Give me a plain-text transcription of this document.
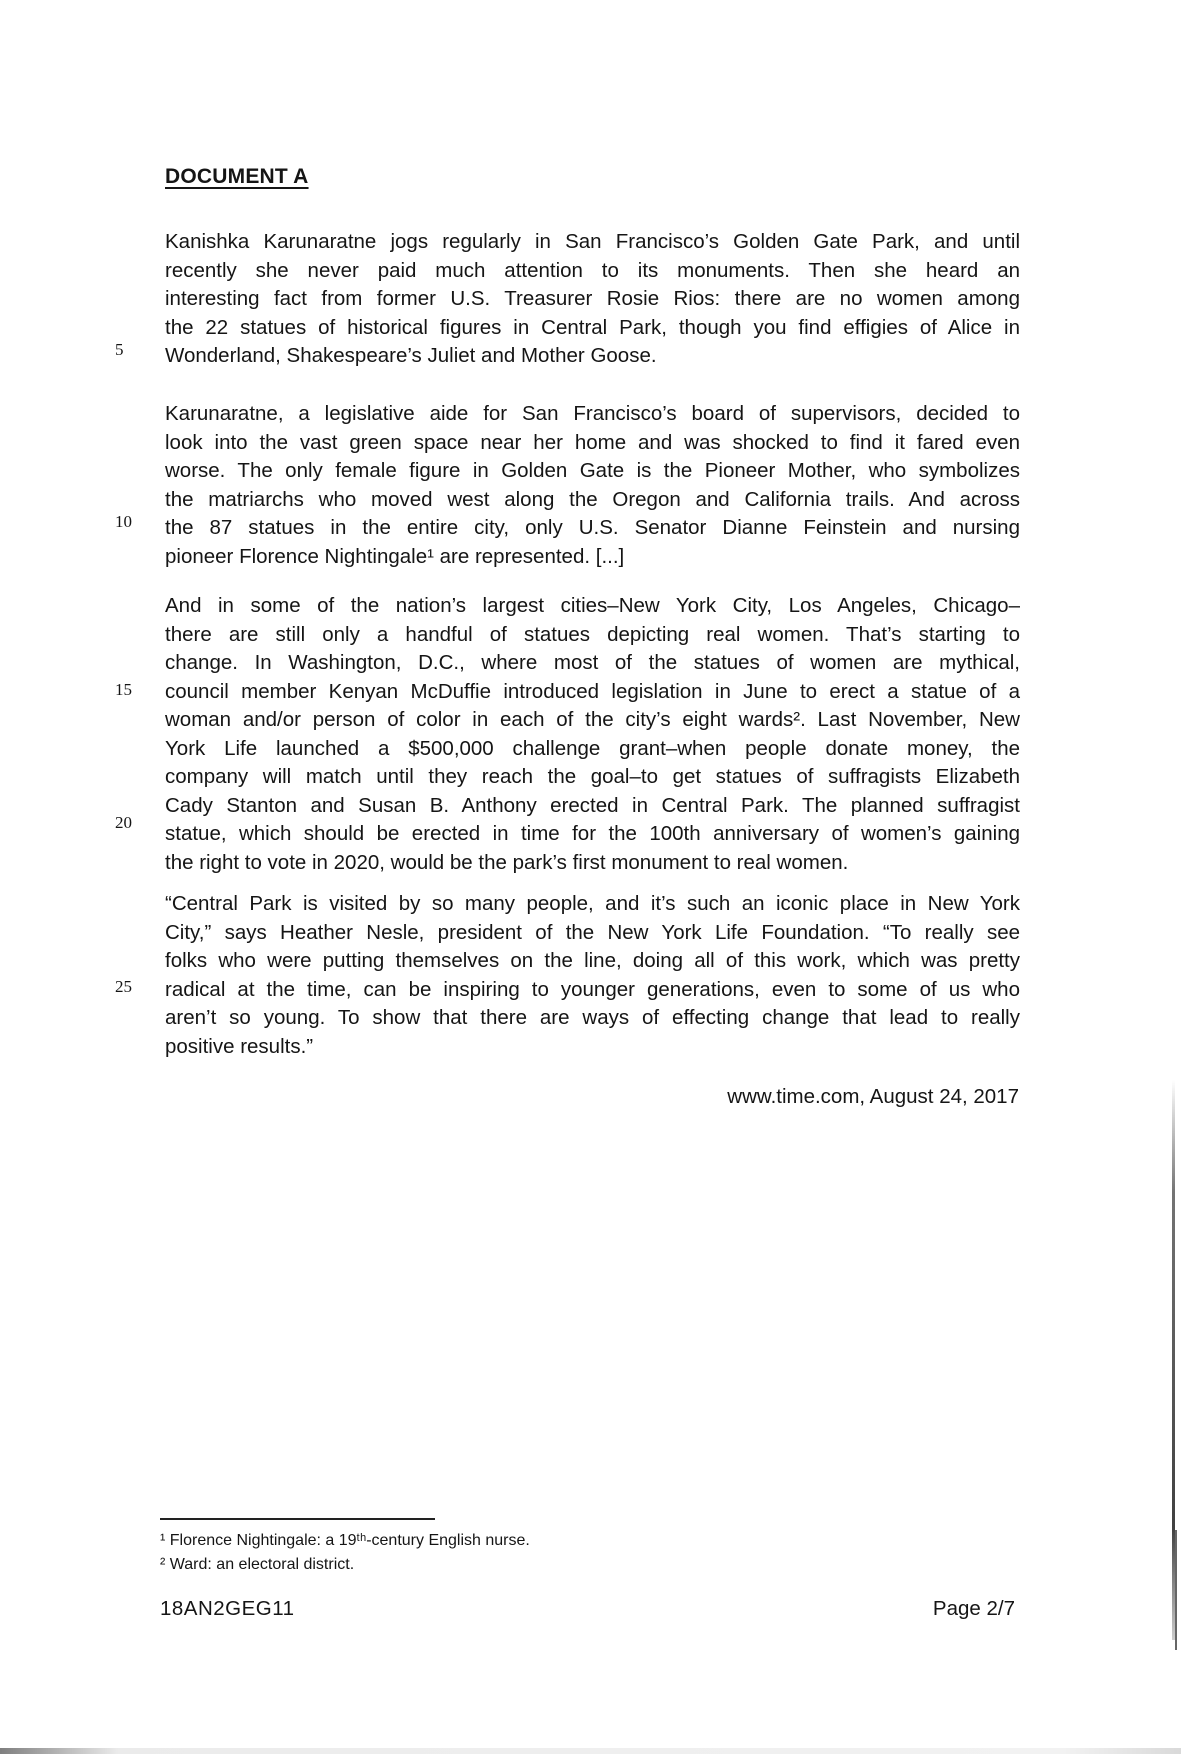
DOCUMENT A
Kanishka Karunaratne jogs regularly in San Francisco’s Golden Gate Park, and until
recently she never paid much attention to its monuments. Then she heard an
interesting fact from former U.S. Treasurer Rosie Rios: there are no women among
the 22 statues of historical figures in Central Park, though you find effigies of Alice in
Wonderland, Shakespeare’s Juliet and Mother Goose.
Karunaratne, a legislative aide for San Francisco’s board of supervisors, decided to
look into the vast green space near her home and was shocked to find it fared even
worse. The only female figure in Golden Gate is the Pioneer Mother, who symbolizes
the matriarchs who moved west along the Oregon and California trails. And across
the 87 statues in the entire city, only U.S. Senator Dianne Feinstein and nursing
pioneer Florence Nightingale¹ are represented. [...]
And in some of the nation’s largest cities–New York City, Los Angeles, Chicago–
there are still only a handful of statues depicting real women. That’s starting to
change. In Washington, D.C., where most of the statues of women are mythical,
council member Kenyan McDuffie introduced legislation in June to erect a statue of a
woman and/or person of color in each of the city’s eight wards². Last November, New
York Life launched a $500,000 challenge grant–when people donate money, the
company will match until they reach the goal–to get statues of suffragists Elizabeth
Cady Stanton and Susan B. Anthony erected in Central Park. The planned suffragist
statue, which should be erected in time for the 100th anniversary of women’s gaining
the right to vote in 2020, would be the park’s first monument to real women.
“Central Park is visited by so many people, and it’s such an iconic place in New York
City,” says Heather Nesle, president of the New York Life Foundation. “To really see
folks who were putting themselves on the line, doing all of this work, which was pretty
radical at the time, can be inspiring to younger generations, even to some of us who
aren’t so young. To show that there are ways of effecting change that lead to really
positive results.”
5
10
15
20
25
www.time.com, August 24, 2017
¹ Florence Nightingale: a 19ᵗʰ-century English nurse.
² Ward: an electoral district.
18AN2GEG11	Page 2/7
